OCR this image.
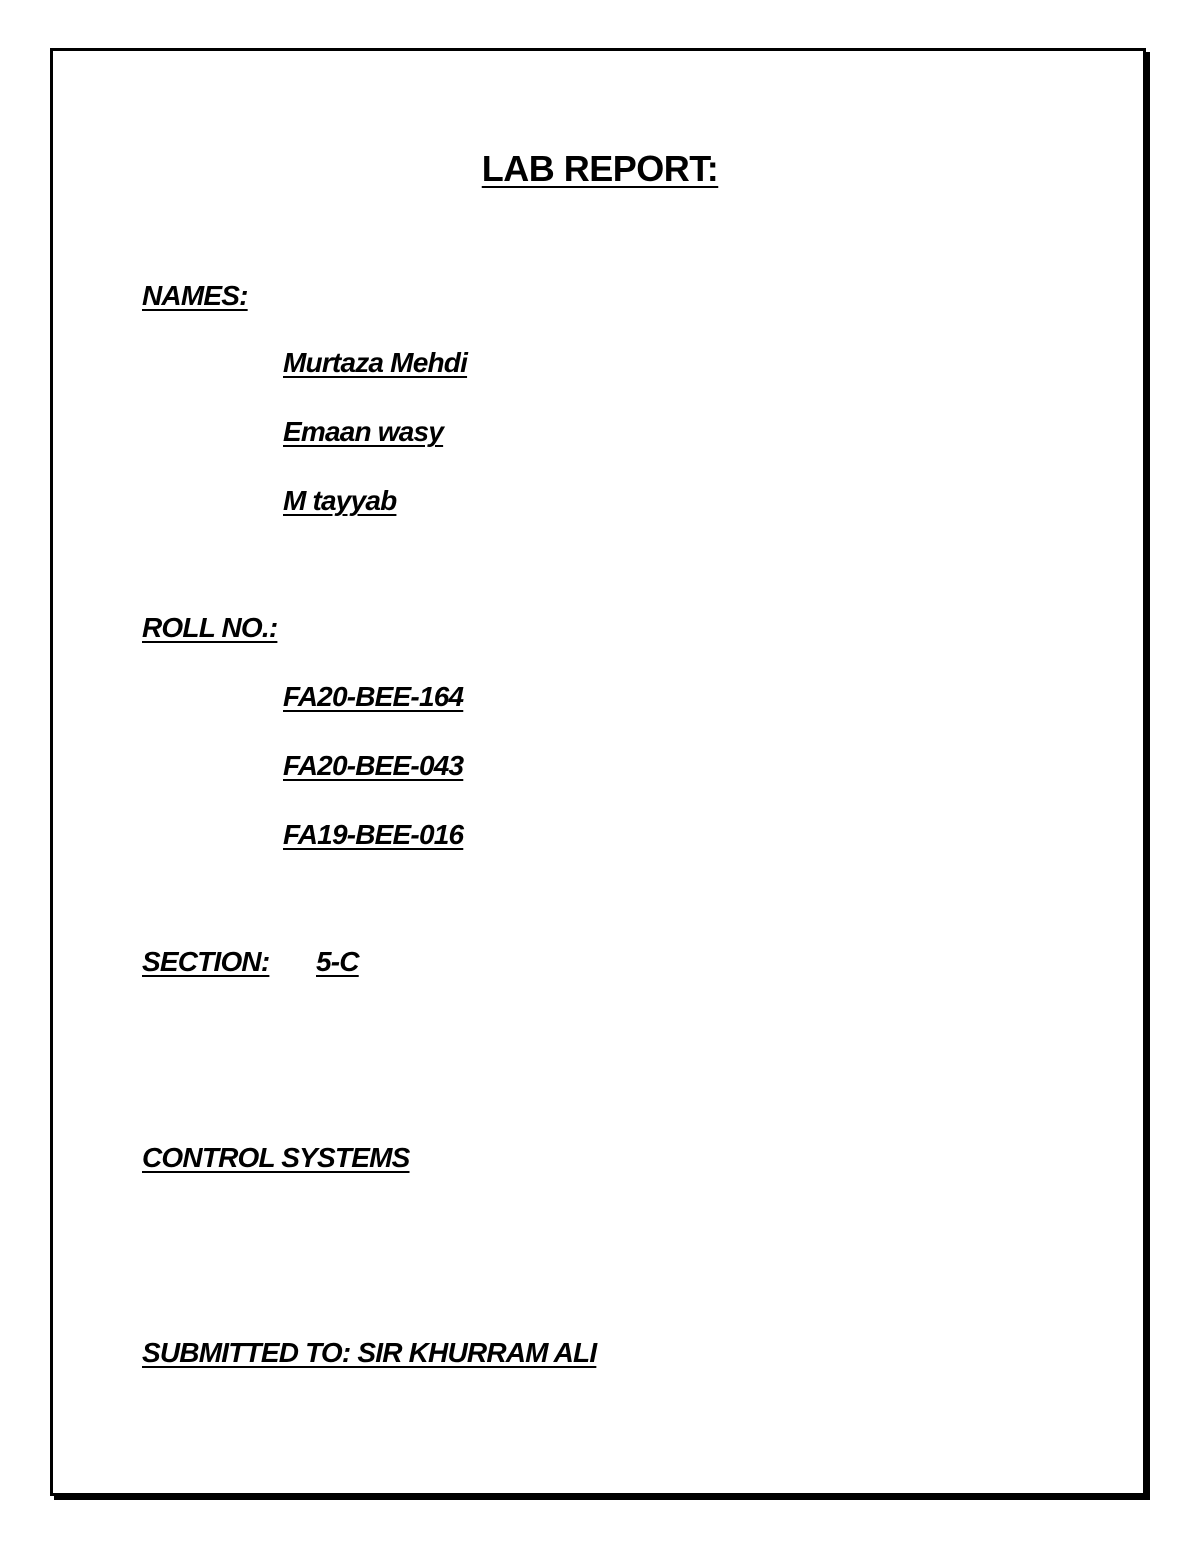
LAB REPORT:
NAMES:
Murtaza Mehdi
Emaan wasy
M tayyab
ROLL NO.:
FA20-BEE-164
FA20-BEE-043
FA19-BEE-016
SECTION: 5-C
CONTROL SYSTEMS
SUBMITTED TO: SIR KHURRAM ALI
